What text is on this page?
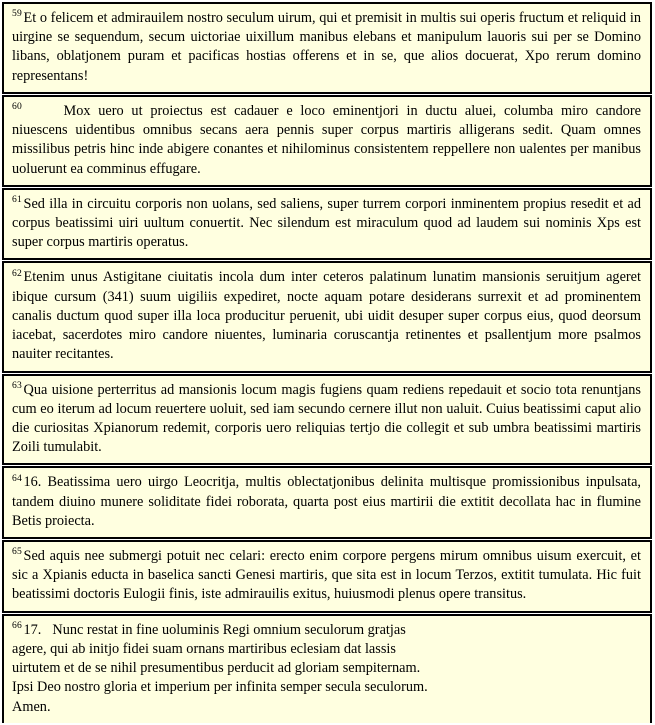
$^{59}$ Et o felicem et admirauilem nostro seculum uirum, qui et premisit in multis sui operis fructum et reliquid in uirgine se sequendum, secum uictoriae uixillum manibus elebans et manipulum lauoris sui per se Domino libans, oblatjonem puram et pacificas hostias offerens et in se, que alios docuerat, Xpo rerum domino representans!
$^{60}$	Mox uero ut proiectus est cadauer e loco eminentjori in ductu aluei, columba miro candore niuescens uidentibus omnibus secans aera pennis super corpus martiris alligerans sedit. Quam omnes missilibus petris hinc inde abigere conantes et nihilominus consistentem reppellere non ualentes per manibus uoluerunt ea comminus effugare.
$^{61}$ Sed illa in circuitu corporis non uolans, sed saliens, super turrem corpori inminentem propius resedit et ad corpus beatissimi uiri uultum conuertit. Nec silendum est miraculum quod ad laudem sui nominis Xps est super corpus martiris operatus.
$^{62}$ Etenim unus Astigitane ciuitatis incola dum inter ceteros palatinum lunatim mansionis seruitjum ageret ibique cursum (341) suum uigiliis expediret, nocte aquam potare desiderans surrexit et ad prominentem canalis ductum quod super illa loca producitur peruenit, ubi uidit desuper super corpus eius, quod deorsum iacebat, sacerdotes miro candore niuentes, luminaria coruscantja retinentes et psallentjum more psalmos nauiter recitantes.
$^{63}$ Qua uisione perterritus ad mansionis locum magis fugiens quam rediens repedauit et socio tota renuntjans cum eo iterum ad locum reuertere uoluit, sed iam secundo cernere illut non ualuit. Cuius beatissimi caput alio die curiositas Xpianorum redemit, corporis uero reliquias tertjo die collegit et sub umbra beatissimi martiris Zoili tumulabit.
$^{64}$ 16. Beatissima uero uirgo Leocritja, multis oblectatjonibus delinita multisque promissionibus inpulsata, tandem diuino munere soliditate fidei roborata, quarta post eius martirii die extitit decollata hac in flumine Betis proiecta.
$^{65}$ Sed aquis nee submergi potuit nec celari: erecto enim corpore pergens mirum omnibus uisum exercuit, et sic a Xpianis educta in baselica sancti Genesi martiris, que sita est in locum Terzos, extitit tumulata. Hic fuit beatissimi doctoris Eulogii finis, iste admirauilis exitus, huiusmodi plenus opere transitus.
$^{66}$ 17. Nunc restat in fine uoluminis Regi omnium seculorum gratjas
agere, qui ab initjo fidei suam ornans martiribus eclesiam dat lassis
uirtutem et de se nihil presumentibus perducit ad gloriam sempiternam.
Ipsi Deo nostro gloria et imperium per infinita semper secula seculorum.
Amen.
